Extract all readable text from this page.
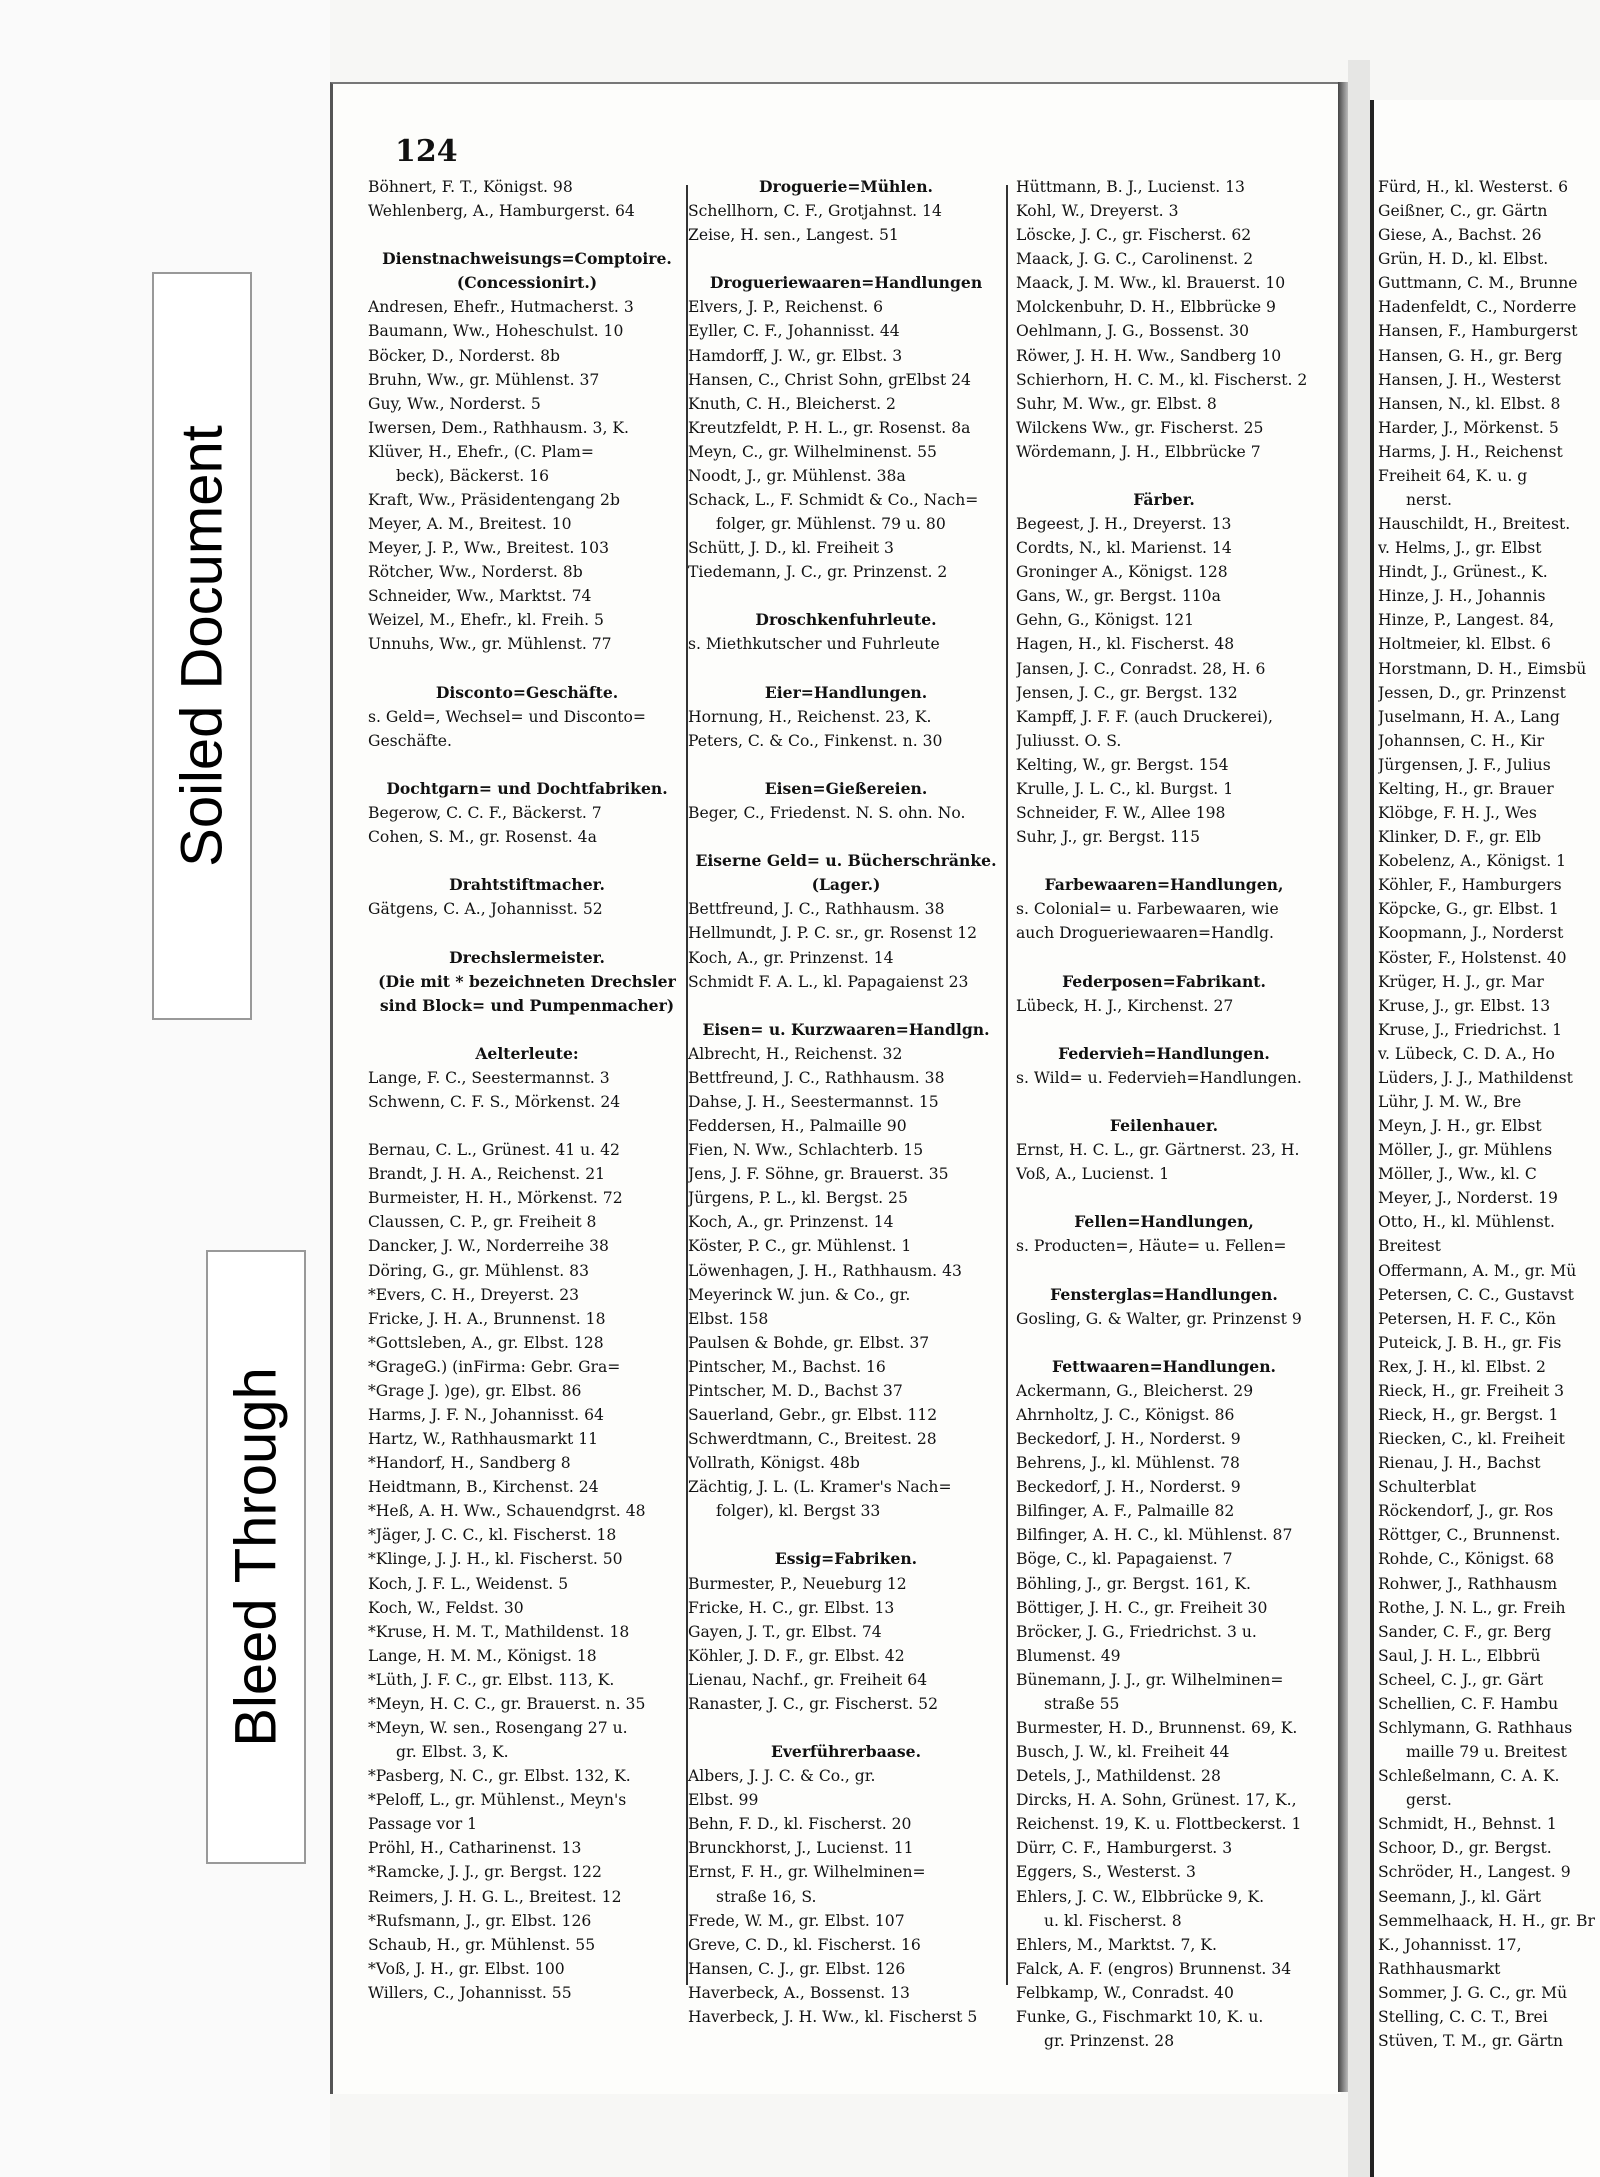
Soiled Document
Bleed Through
124
Böhnert, F. T., Königst. 98
Wehlenberg, A., Hamburgerst. 64

Dienstnachweisungs=Comptoire.
(Concessionirt.)
Andresen, Ehefr., Hutmacherst. 3
Baumann, Ww., Hoheschulst. 10
Böcker, D., Norderst. 8b
Bruhn, Ww., gr. Mühlenst. 37
Guy, Ww., Norderst. 5
Iwersen, Dem., Rathhausm. 3, K.
Klüver, H., Ehefr., (C. Plam=
beck), Bäckerst. 16
Kraft, Ww., Präsidentengang 2b
Meyer, A. M., Breitest. 10
Meyer, J. P., Ww., Breitest. 103
Rötcher, Ww., Norderst. 8b
Schneider, Ww., Marktst. 74
Weizel, M., Ehefr., kl. Freih. 5
Unnuhs, Ww., gr. Mühlenst. 77

Disconto=Geschäfte.
s. Geld=, Wechsel= und Disconto=
Geschäfte.

Dochtgarn= und Dochtfabriken.
Begerow, C. C. F., Bäckerst. 7
Cohen, S. M., gr. Rosenst. 4a

Drahtstiftmacher.
Gätgens, C. A., Johannisst. 52

Drechslermeister.
(Die mit * bezeichneten Drechsler
sind Block= und Pumpenmacher)

Aelterleute:
Lange, F. C., Seestermannst. 3
Schwenn, C. F. S., Mörkenst. 24

Bernau, C. L., Grünest. 41 u. 42
Brandt, J. H. A., Reichenst. 21
Burmeister, H. H., Mörkenst. 72
Claussen, C. P., gr. Freiheit 8
Dancker, J. W., Norderreihe 38
Döring, G., gr. Mühlenst. 83
*Evers, C. H., Dreyerst. 23
Fricke, J. H. A., Brunnenst. 18
*Gottsleben, A., gr. Elbst. 128
*GrageG.) (inFirma: Gebr. Gra=
*Grage J. )ge), gr. Elbst. 86
Harms, J. F. N., Johannisst. 64
Hartz, W., Rathhausmarkt 11
*Handorf, H., Sandberg 8
Heidtmann, B., Kirchenst. 24
*Heß, A. H. Ww., Schauendgrst. 48
*Jäger, J. C. C., kl. Fischerst. 18
*Klinge, J. J. H., kl. Fischerst. 50
Koch, J. F. L., Weidenst. 5
Koch, W., Feldst. 30
*Kruse, H. M. T., Mathildenst. 18
Lange, H. M. M., Königst. 18
*Lüth, J. F. C., gr. Elbst. 113, K.
*Meyn, H. C. C., gr. Brauerst. n. 35
*Meyn, W. sen., Rosengang 27 u.
gr. Elbst. 3, K.
*Pasberg, N. C., gr. Elbst. 132, K.
*Peloff, L., gr. Mühlenst., Meyn's
Passage vor 1
Pröhl, H., Catharinenst. 13
*Ramcke, J. J., gr. Bergst. 122
Reimers, J. H. G. L., Breitest. 12
*Rufsmann, J., gr. Elbst. 126
Schaub, H., gr. Mühlenst. 55
*Voß, J. H., gr. Elbst. 100
Willers, C., Johannisst. 55
Droguerie=Mühlen.
Schellhorn, C. F., Grotjahnst. 14
Zeise, H. sen., Langest. 51

Drogueriewaaren=Handlungen
Elvers, J. P., Reichenst. 6
Eyller, C. F., Johannisst. 44
Hamdorff, J. W., gr. Elbst. 3
Hansen, C., Christ Sohn, grElbst 24
Knuth, C. H., Bleicherst. 2
Kreutzfeldt, P. H. L., gr. Rosenst. 8a
Meyn, C., gr. Wilhelminenst. 55
Noodt, J., gr. Mühlenst. 38a
Schack, L., F. Schmidt & Co., Nach=
folger, gr. Mühlenst. 79 u. 80
Schütt, J. D., kl. Freiheit 3
Tiedemann, J. C., gr. Prinzenst. 2

Droschkenfuhrleute.
s. Miethkutscher und Fuhrleute

Eier=Handlungen.
Hornung, H., Reichenst. 23, K.
Peters, C. & Co., Finkenst. n. 30

Eisen=Gießereien.
Beger, C., Friedenst. N. S. ohn. No.

Eiserne Geld= u. Bücherschränke.
(Lager.)
Bettfreund, J. C., Rathhausm. 38
Hellmundt, J. P. C. sr., gr. Rosenst 12
Koch, A., gr. Prinzenst. 14
Schmidt F. A. L., kl. Papagaienst 23

Eisen= u. Kurzwaaren=Handlgn.
Albrecht, H., Reichenst. 32
Bettfreund, J. C., Rathhausm. 38
Dahse, J. H., Seestermannst. 15
Feddersen, H., Palmaille 90
Fien, N. Ww., Schlachterb. 15
Jens, J. F. Söhne, gr. Brauerst. 35
Jürgens, P. L., kl. Bergst. 25
Koch, A., gr. Prinzenst. 14
Köster, P. C., gr. Mühlenst. 1
Löwenhagen, J. H., Rathhausm. 43
Meyerinck W. jun. & Co., gr.
Elbst. 158
Paulsen & Bohde, gr. Elbst. 37
Pintscher, M., Bachst. 16
Pintscher, M. D., Bachst 37
Sauerland, Gebr., gr. Elbst. 112
Schwerdtmann, C., Breitest. 28
Vollrath, Königst. 48b
Zächtig, J. L. (L. Kramer's Nach=
folger), kl. Bergst 33

Essig=Fabriken.
Burmester, P., Neueburg 12
Fricke, H. C., gr. Elbst. 13
Gayen, J. T., gr. Elbst. 74
Köhler, J. D. F., gr. Elbst. 42
Lienau, Nachf., gr. Freiheit 64
Ranaster, J. C., gr. Fischerst. 52

Everführerbaase.
Albers, J. J. C. & Co., gr.
Elbst. 99
Behn, F. D., kl. Fischerst. 20
Brunckhorst, J., Lucienst. 11
Ernst, F. H., gr. Wilhelminen=
straße 16, S.
Frede, W. M., gr. Elbst. 107
Greve, C. D., kl. Fischerst. 16
Hansen, C. J., gr. Elbst. 126
Haverbeck, A., Bossenst. 13
Haverbeck, J. H. Ww., kl. Fischerst 5
Hüttmann, B. J., Lucienst. 13
Kohl, W., Dreyerst. 3
Löscke, J. C., gr. Fischerst. 62
Maack, J. G. C., Carolinenst. 2
Maack, J. M. Ww., kl. Brauerst. 10
Molckenbuhr, D. H., Elbbrücke 9
Oehlmann, J. G., Bossenst. 30
Röwer, J. H. H. Ww., Sandberg 10
Schierhorn, H. C. M., kl. Fischerst. 2
Suhr, M. Ww., gr. Elbst. 8
Wilckens Ww., gr. Fischerst. 25
Wördemann, J. H., Elbbrücke 7

Färber.
Begeest, J. H., Dreyerst. 13
Cordts, N., kl. Marienst. 14
Groninger A., Königst. 128
Gans, W., gr. Bergst. 110a
Gehn, G., Königst. 121
Hagen, H., kl. Fischerst. 48
Jansen, J. C., Conradst. 28, H. 6
Jensen, J. C., gr. Bergst. 132
Kampff, J. F. F. (auch Druckerei),
Juliusst. O. S.
Kelting, W., gr. Bergst. 154
Krulle, J. L. C., kl. Burgst. 1
Schneider, F. W., Allee 198
Suhr, J., gr. Bergst. 115

Farbewaaren=Handlungen,
s. Colonial= u. Farbewaaren, wie
auch Drogueriewaaren=Handlg.

Federposen=Fabrikant.
Lübeck, H. J., Kirchenst. 27

Federvieh=Handlungen.
s. Wild= u. Federvieh=Handlungen.

Feilenhauer.
Ernst, H. C. L., gr. Gärtnerst. 23, H.
Voß, A., Lucienst. 1

Fellen=Handlungen,
s. Producten=, Häute= u. Fellen=

Fensterglas=Handlungen.
Gosling, G. & Walter, gr. Prinzenst 9

Fettwaaren=Handlungen.
Ackermann, G., Bleicherst. 29
Ahrnholtz, J. C., Königst. 86
Beckedorf, J. H., Norderst. 9
Behrens, J., kl. Mühlenst. 78
Beckedorf, J. H., Norderst. 9
Bilfinger, A. F., Palmaille 82
Bilfinger, A. H. C., kl. Mühlenst. 87
Böge, C., kl. Papagaienst. 7
Böhling, J., gr. Bergst. 161, K.
Böttiger, J. H. C., gr. Freiheit 30
Bröcker, J. G., Friedrichst. 3 u.
Blumenst. 49
Bünemann, J. J., gr. Wilhelminen=
straße 55
Burmester, H. D., Brunnenst. 69, K.
Busch, J. W., kl. Freiheit 44
Detels, J., Mathildenst. 28
Dircks, H. A. Sohn, Grünest. 17, K.,
Reichenst. 19, K. u. Flottbeckerst. 1
Dürr, C. F., Hamburgerst. 3
Eggers, S., Westerst. 3
Ehlers, J. C. W., Elbbrücke 9, K.
u. kl. Fischerst. 8
Ehlers, M., Marktst. 7, K.
Falck, A. F. (engros) Brunnenst. 34
Felbkamp, W., Conradst. 40
Funke, G., Fischmarkt 10, K. u.
gr. Prinzenst. 28
Fürd, H., kl. Westerst. 6
Geißner, C., gr. Gärtn
Giese, A., Bachst. 26
Grün, H. D., kl. Elbst.
Guttmann, C. M., Brunne
Hadenfeldt, C., Norderre
Hansen, F., Hamburgerst
Hansen, G. H., gr. Berg
Hansen, J. H., Westerst
Hansen, N., kl. Elbst. 8
Harder, J., Mörkenst. 5
Harms, J. H., Reichenst
Freiheit 64, K. u. g
nerst.
Hauschildt, H., Breitest.
v. Helms, J., gr. Elbst
Hindt, J., Grünest., K.
Hinze, J. H., Johannis
Hinze, P., Langest. 84,
Holtmeier, kl. Elbst. 6
Horstmann, D. H., Eimsbü
Jessen, D., gr. Prinzenst
Juselmann, H. A., Lang
Johannsen, C. H., Kir
Jürgensen, J. F., Julius
Kelting, H., gr. Brauer
Klöbge, F. H. J., Wes
Klinker, D. F., gr. Elb
Kobelenz, A., Königst. 1
Köhler, F., Hamburgers
Köpcke, G., gr. Elbst. 1
Koopmann, J., Norderst
Köster, F., Holstenst. 40
Krüger, H. J., gr. Mar
Kruse, J., gr. Elbst. 13
Kruse, J., Friedrichst. 1
v. Lübeck, C. D. A., Ho
Lüders, J. J., Mathildenst
Lühr, J. M. W., Bre
Meyn, J. H., gr. Elbst
Möller, J., gr. Mühlens
Möller, J., Ww., kl. C
Meyer, J., Norderst. 19
Otto, H., kl. Mühlenst.
Breitest
Offermann, A. M., gr. Mü
Petersen, C. C., Gustavst
Petersen, H. F. C., Kön
Puteick, J. B. H., gr. Fis
Rex, J. H., kl. Elbst. 2
Rieck, H., gr. Freiheit 3
Rieck, H., gr. Bergst. 1
Riecken, C., kl. Freiheit
Rienau, J. H., Bachst
Schulterblat
Röckendorf, J., gr. Ros
Röttger, C., Brunnenst.
Rohde, C., Königst. 68
Rohwer, J., Rathhausm
Rothe, J. N. L., gr. Freih
Sander, C. F., gr. Berg
Saul, J. H. L., Elbbrü
Scheel, C. J., gr. Gärt
Schellien, C. F. Hambu
Schlymann, G. Rathhaus
maille 79 u. Breitest
Schleßelmann, C. A. K.
gerst.
Schmidt, H., Behnst. 1
Schoor, D., gr. Bergst.
Schröder, H., Langest. 9
Seemann, J., kl. Gärt
Semmelhaack, H. H., gr. Br
K., Johannisst. 17,
Rathhausmarkt
Sommer, J. G. C., gr. Mü
Stelling, C. C. T., Brei
Stüven, T. M., gr. Gärtn
